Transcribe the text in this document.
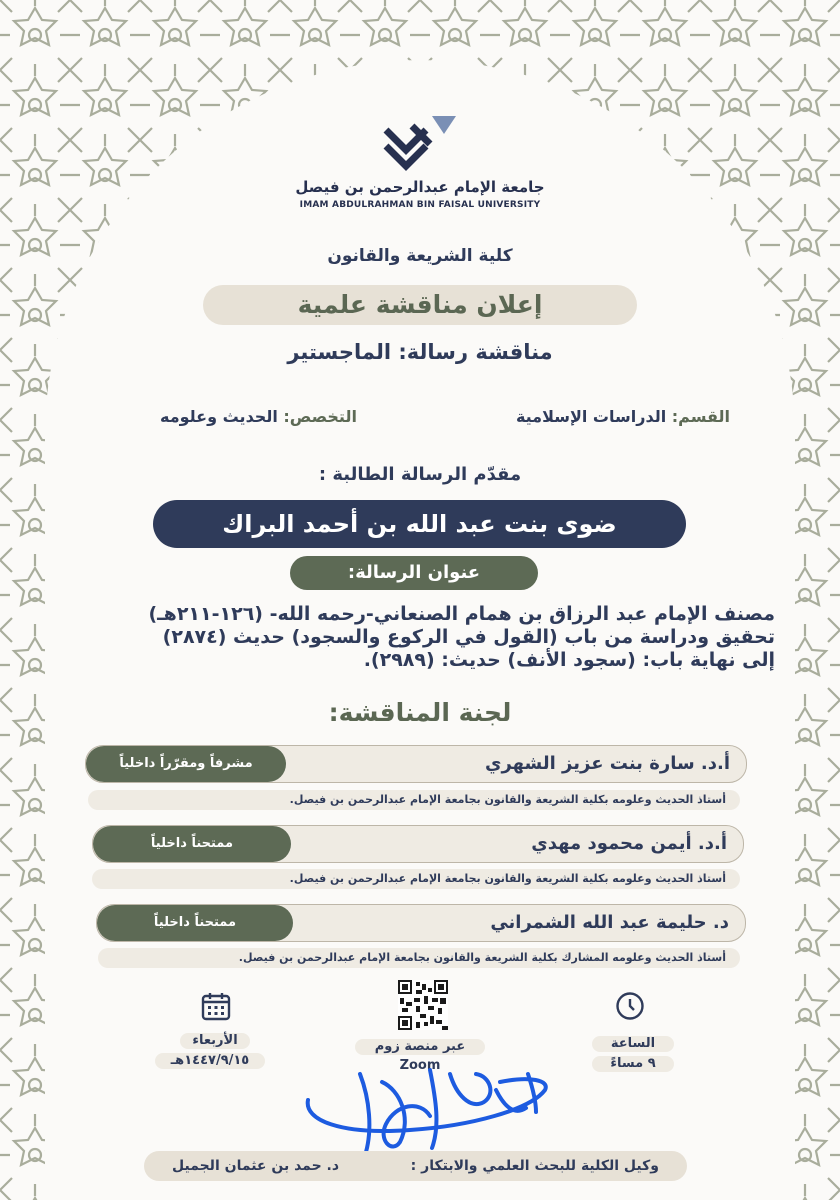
جامعة الإمام عبدالرحمن بن فيصل
IMAM ABDULRAHMAN BIN FAISAL UNIVERSITY
كلية الشريعة والقانون
إعلان مناقشة علمية
مناقشة رسالة: الماجستير
القسم: الدراسات الإسلامية
التخصص: الحديث وعلومه
مقدّم الرسالة الطالبة :
ضوى بنت عبد الله بن أحمد البراك
عنوان الرسالة:
مصنف الإمام عبد الرزاق بن همام الصنعاني-رحمه الله- (١٢٦-٢١١هـ)
تحقيق ودراسة من باب (القول في الركوع والسجود) حديث (٢٨٧٤)
إلى نهاية باب: (سجود الأنف) حديث: (٢٩٨٩).
لجنة المناقشة:
أ.د. سارة بنت عزيز الشهري
مشرفاً ومقرّراً داخلياً
أستاذ الحديث وعلومه بكلية الشريعة والقانون بجامعة الإمام عبدالرحمن بن فيصل.
أ.د. أيمن محمود مهدي
ممتحناً داخلياً
أستاذ الحديث وعلومه بكلية الشريعة والقانون بجامعة الإمام عبدالرحمن بن فيصل.
د. حليمة عبد الله الشمراني
ممتحناً داخلياً
أستاذ الحديث وعلومه المشارك بكلية الشريعة والقانون بجامعة الإمام عبدالرحمن بن فيصل.
الأربعاء
١٤٤٧/٩/١٥هـ
عبر منصة زوم
Zoom
الساعة
٩ مساءً
وكيل الكلية للبحث العلمي والابتكار :
د. حمد بن عثمان الجميل
